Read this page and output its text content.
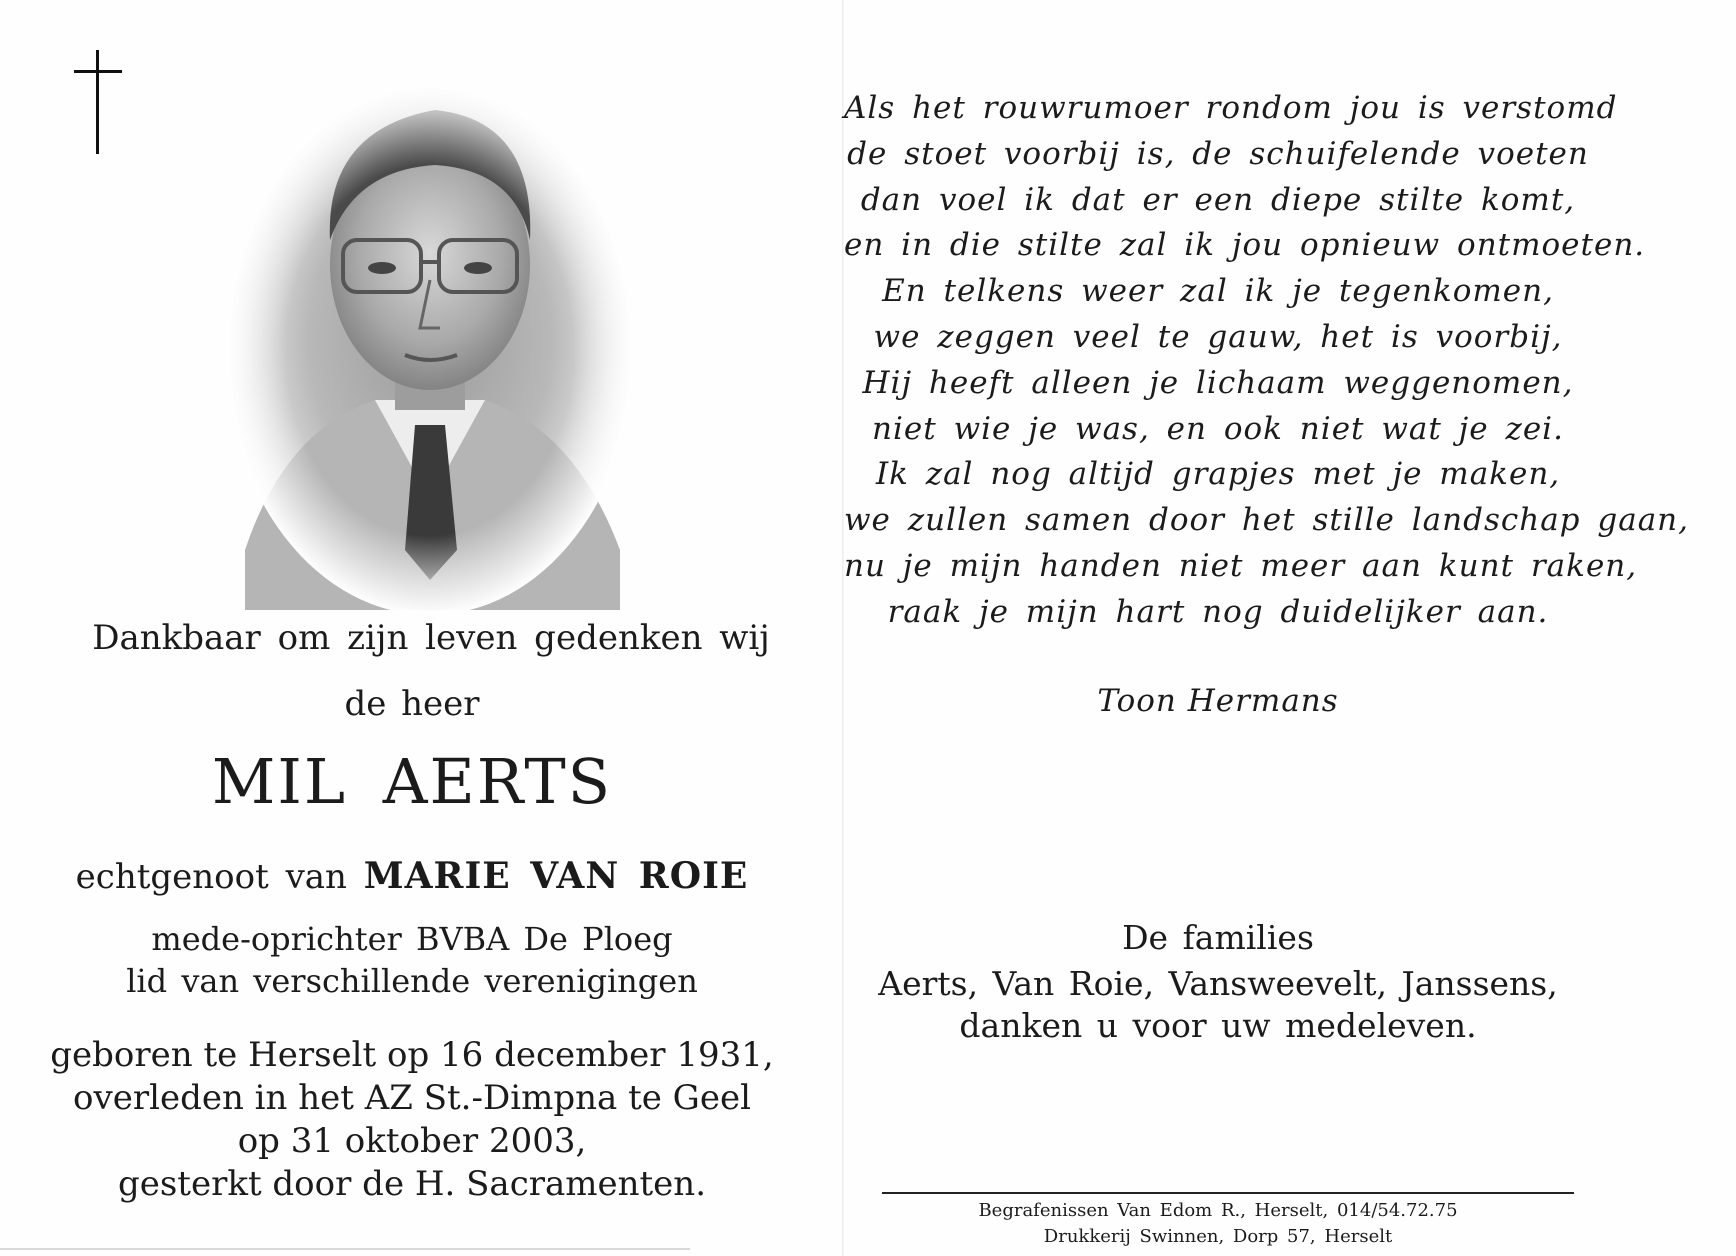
Dankbaar om zijn leven gedenken wij
de heer
MIL AERTS
echtgenoot van MARIE VAN ROIE
mede-oprichter BVBA De Ploeg
lid van verschillende verenigingen
geboren te Herselt op 16 december 1931,
overleden in het AZ St.-Dimpna te Geel
op 31 oktober 2003,
gesterkt door de H. Sacramenten.
Als het rouwrumoer rondom jou is verstomd
de stoet voorbij is, de schuifelende voeten
dan voel ik dat er een diepe stilte komt,
en in die stilte zal ik jou opnieuw ontmoeten.
En telkens weer zal ik je tegenkomen,
we zeggen veel te gauw, het is voorbij,
Hij heeft alleen je lichaam weggenomen,
niet wie je was, en ook niet wat je zei.
Ik zal nog altijd grapjes met je maken,
we zullen samen door het stille landschap gaan,
nu je mijn handen niet meer aan kunt raken,
raak je mijn hart nog duidelijker aan.
Toon Hermans
De families
Aerts, Van Roie, Vansweevelt, Janssens,
danken u voor uw medeleven.
Begrafenissen Van Edom R., Herselt, 014/54.72.75
Drukkerij Swinnen, Dorp 57, Herselt
